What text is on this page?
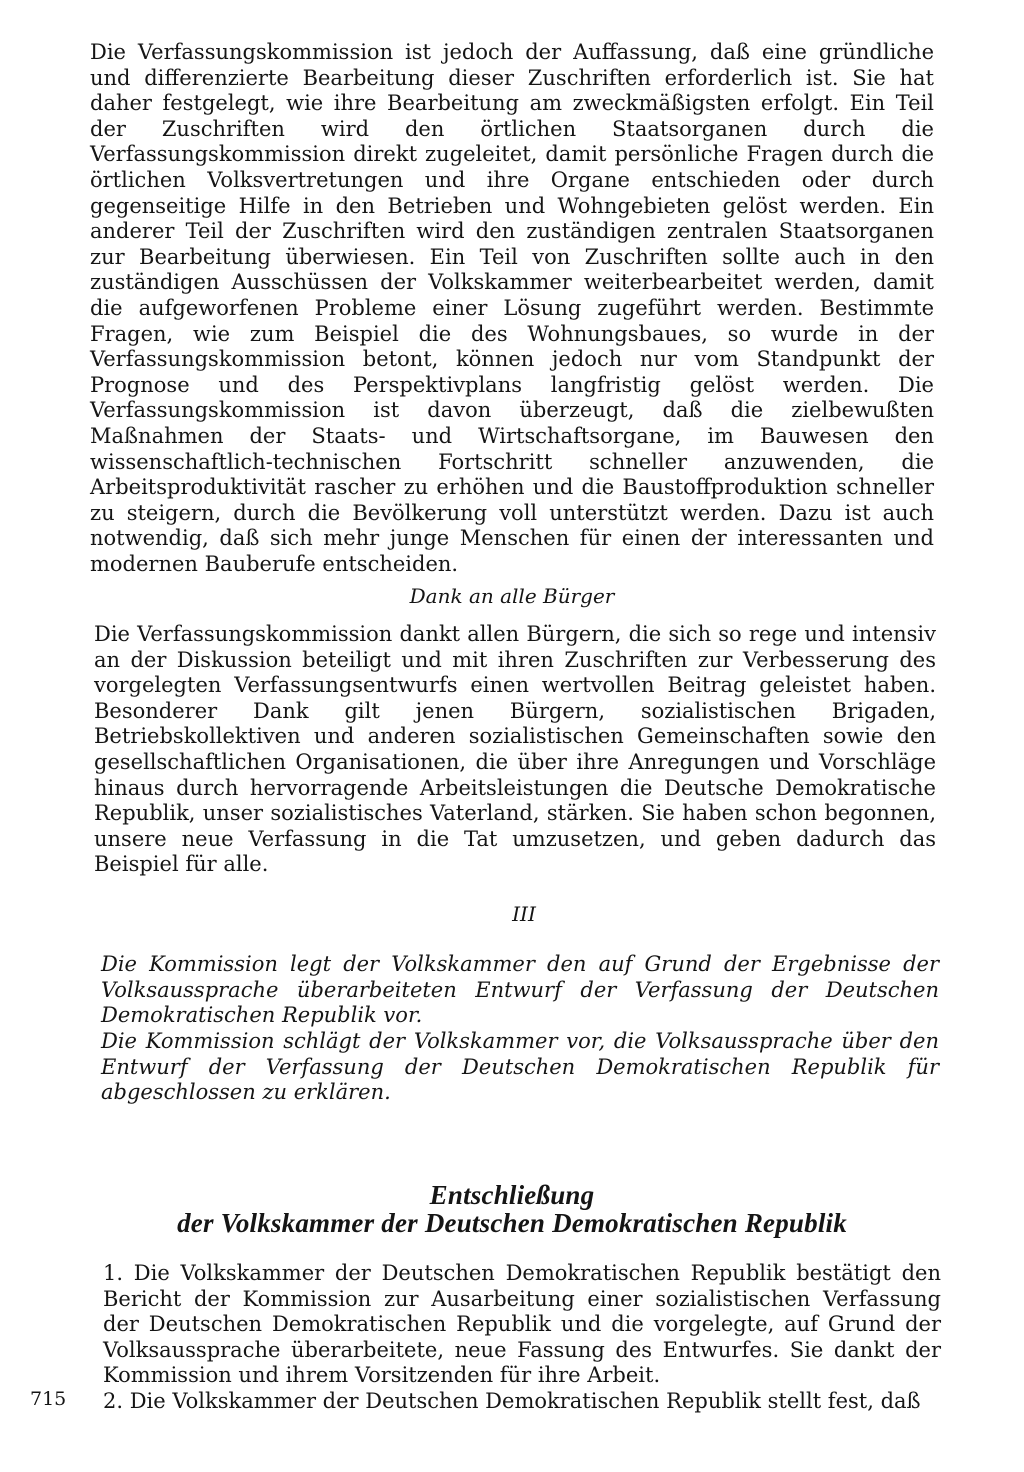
Die Verfassungskommission ist jedoch der Auffassung, daß eine gründliche und differenzierte Bearbeitung dieser Zuschriften erforderlich ist. Sie hat daher festgelegt, wie ihre Bearbeitung am zweckmäßigsten erfolgt. Ein Teil der Zuschriften wird den örtlichen Staatsorganen durch die Verfassungskommission direkt zugeleitet, damit persönliche Fragen durch die örtlichen Volksvertretungen und ihre Organe entschieden oder durch gegenseitige Hilfe in den Betrieben und Wohngebieten gelöst werden. Ein anderer Teil der Zuschriften wird den zuständigen zentralen Staatsorganen zur Bearbeitung überwiesen. Ein Teil von Zuschriften sollte auch in den zuständigen Ausschüssen der Volkskammer weiterbearbeitet werden, damit die aufgeworfenen Probleme einer Lösung zugeführt werden. Bestimmte Fragen, wie zum Beispiel die des Wohnungsbaues, so wurde in der Verfassungskommission betont, können jedoch nur vom Standpunkt der Prognose und des Perspektivplans langfristig gelöst werden. Die Verfassungskommission ist davon überzeugt, daß die zielbewußten Maßnahmen der Staats- und Wirtschaftsorgane, im Bauwesen den wissenschaftlich-technischen Fortschritt schneller anzuwenden, die Arbeitsproduktivität rascher zu erhöhen und die Baustoffproduktion schneller zu steigern, durch die Bevölkerung voll unterstützt werden. Dazu ist auch notwendig, daß sich mehr junge Menschen für einen der interessanten und modernen Bauberufe entscheiden.

Dank an alle Bürger

Die Verfassungskommission dankt allen Bürgern, die sich so rege und intensiv an der Diskussion beteiligt und mit ihren Zuschriften zur Verbesserung des vorgelegten Verfassungsentwurfs einen wertvollen Beitrag geleistet haben. Besonderer Dank gilt jenen Bürgern, sozialistischen Brigaden, Betriebskollektiven und anderen sozialistischen Gemeinschaften sowie den gesellschaftlichen Organisationen, die über ihre Anregungen und Vorschläge hinaus durch hervorragende Arbeitsleistungen die Deutsche Demokratische Republik, unser sozialistisches Vaterland, stärken. Sie haben schon begonnen, unsere neue Verfassung in die Tat umzusetzen, und geben dadurch das Beispiel für alle.

III

Die Kommission legt der Volkskammer den auf Grund der Ergebnisse der Volksaussprache überarbeiteten Entwurf der Verfassung der Deutschen Demokratischen Republik vor.

Die Kommission schlägt der Volkskammer vor, die Volksaussprache über den Entwurf der Verfassung der Deutschen Demokratischen Republik für abgeschlossen zu erklären.

Entschließung
der Volkskammer der Deutschen Demokratischen Republik

1. Die Volkskammer der Deutschen Demokratischen Republik bestätigt den Bericht der Kommission zur Ausarbeitung einer sozialistischen Verfassung der Deutschen Demokratischen Republik und die vorgelegte, auf Grund der Volksaussprache überarbeitete, neue Fassung des Entwurfes. Sie dankt der Kommission und ihrem Vorsitzenden für ihre Arbeit.

2. Die Volkskammer der Deutschen Demokratischen Republik stellt fest, daß

715
